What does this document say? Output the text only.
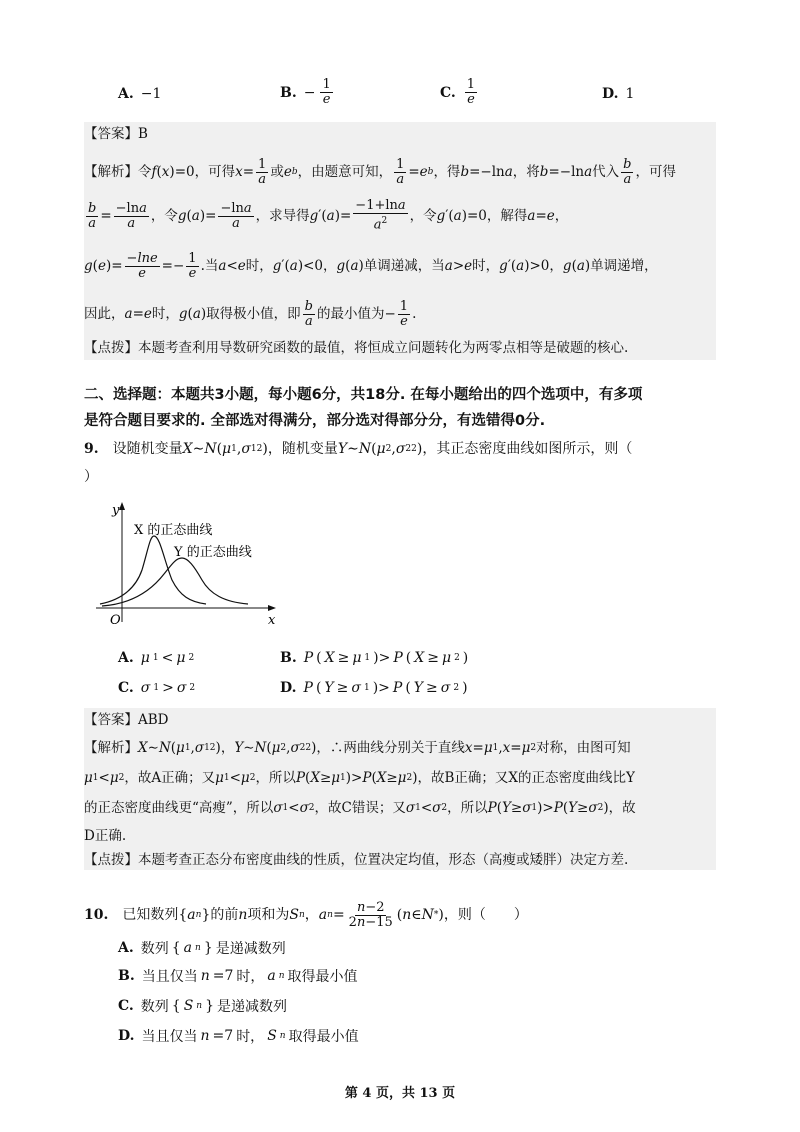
A. −1	B. − $\frac{1}{e}$	C. $\frac{1}{e}$	D. 1
【答案】B
【解析】 令 f ( x ) =0，可得 $x = \frac{1}{a}$ 或 e b ，由题意可知， $\frac{1}{a} = e$ b ，得 b =−ln a ，将 b =−ln a 代入 $\frac{b}{a}$ ，可得
$\frac{b}{a} = \frac{-\ln a}{a}$ ，令 g ( a )= $\frac{-\ln a}{a}$ ，求导得 g ′( a )= $\frac{-1+\ln a}{a^2}$ ，令 g ′( a ) =0，解得 a = e ，
g ( e )= $\frac{-\ln e}{e} =- \frac{1}{e}$ . 当 a < e 时， g ′( a ) <0， g ( a ) 单调递减，当 a > e 时， g ′( a ) >0， g ( a ) 单调递增，
因此， a = e 时， g ( a ) 取得极小值，即 $\frac{b}{a}$ 的最小值为 − $\frac{1}{e}$ .
【点拨】本题考查利用导数研究函数的最值，将恒成立问题转化为两零点相等是破题的核心.
二、选择题：本题共3小题，每小题6分，共18分. 在每小题给出的四个选项中，有多项
是符合题目要求的. 全部选对得满分，部分选对得部分分，有选错得0分.
9. 设随机变量 X ∼ N ( μ 1 , σ 1 2 ) ，随机变量 Y ∼ N ( μ 2 , σ 2 2 ) ，其正态密度曲线如图所示，则（
）
y
x
O
X 的正态曲线
Y 的正态曲线
A. μ 1 < μ 2	B. P ( X ≥ μ 1 )> P ( X ≥ μ 2 )
C. σ 1 > σ 2	D. P ( Y ≥ σ 1 )> P ( Y ≥ σ 2 )
【答案】ABD
【解析】 X ∼ N ( μ 1 , σ 1 2 ) ， Y ∼ N ( μ 2 , σ 2 2 ) ，∴两曲线分别关于直线 x = μ 1 , x = μ 2 对称，由图可知
μ 1 < μ 2 ，故A正确；又 μ 1 < μ 2 ，所以 P ( X ≥ μ 1 )> P ( X ≥ μ 2 ) ，故B正确；又X的正态密度曲线比Y
的正态密度曲线更“高瘦”，所以 σ 1 < σ 2 ，故C错误；又 σ 1 < σ 2 ，所以 P ( Y ≥ σ 1 )> P ( Y ≥ σ 2 ) ，故
D正确.
【点拨】本题考查正态分布密度曲线的性质，位置决定均值，形态（高瘦或矮胖）决定方差.
10. 已知数列 { a n } 的前 n 项和为 S n ， a $n = \frac{n-2}{2n-15}$ ( n ∈ N * ) ，则（　　）
A. 数列 { a n } 是递减数列
B. 当且仅当 n =7 时， a n 取得最小值
C. 数列 { S n } 是递减数列
D. 当且仅当 n =7 时， S n 取得最小值
第 4 页，共 13 页
